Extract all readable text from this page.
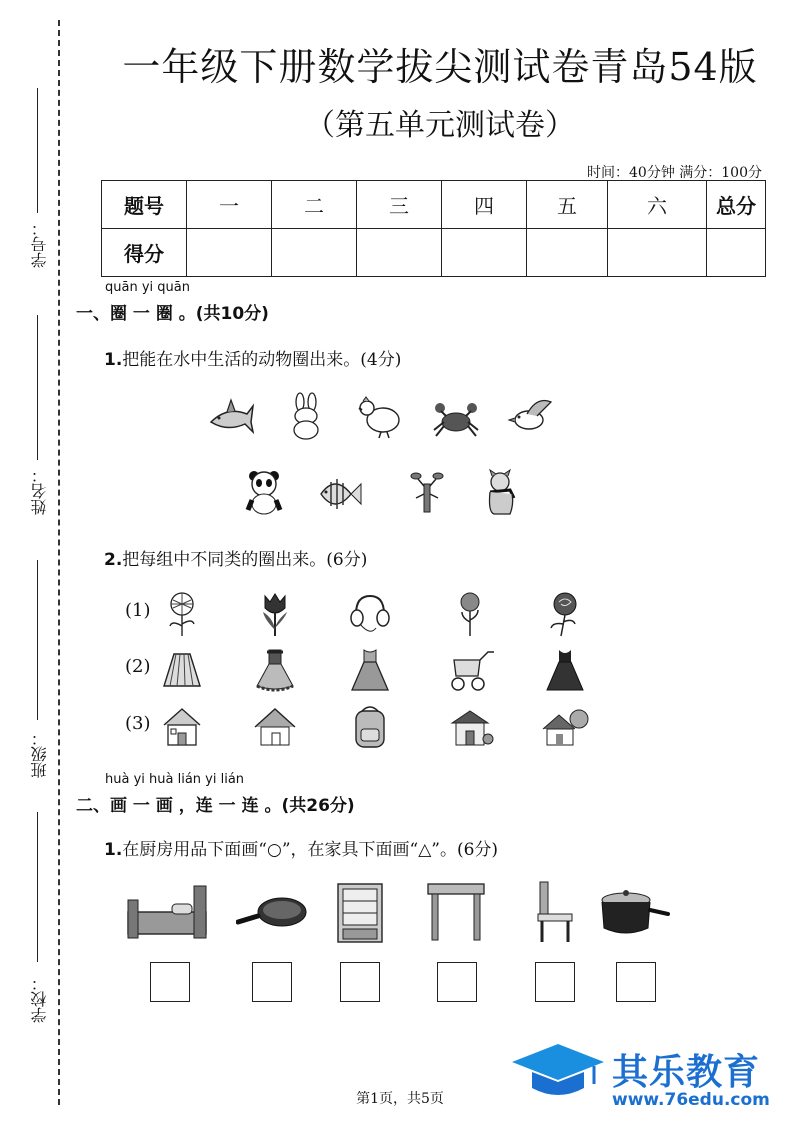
学号：
姓名：
班级：
学校：
一年级下册数学拔尖测试卷青岛54版
（第五单元测试卷）
时间：40分钟 满分：100分
题号	一	二	三	四	五	六	总分
得分							
quān yi quān
一、圈 一 圈 。(共10分)
1.把能在水中生活的动物圈出来。(4分)
2.把每组中不同类的圈出来。(6分)
(1)
(2)
(3)
huà yi huà lián yi lián
二、画 一 画 ，连 一 连 。(共26分)
1.在厨房用品下面画“○”，在家具下面画“△”。(6分)
其乐教育
www.76edu.com
第1页，共5页
